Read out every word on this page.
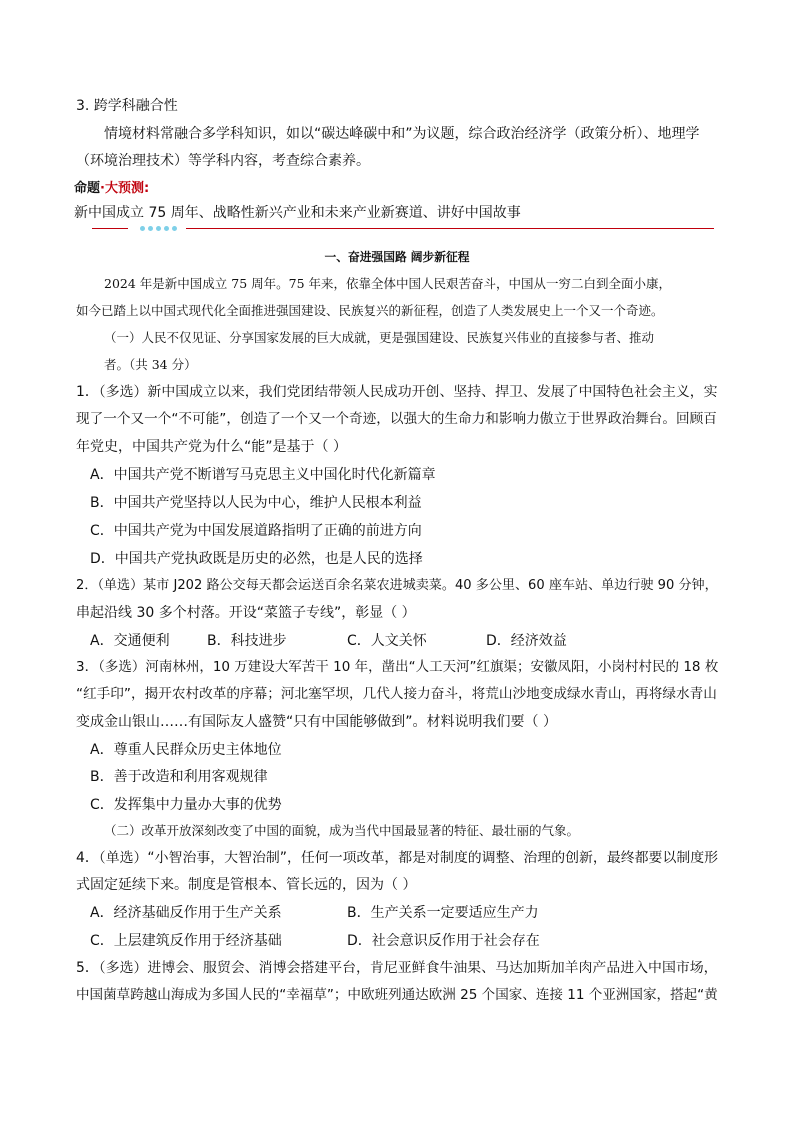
3. 跨学科融合性
情境材料常融合多学科知识，如以“碳达峰碳中和”为议题，综合政治经济学（政策分析）、地理学
（环境治理技术）等学科内容，考查综合素养。
命题·大预测:
新中国成立 75 周年、战略性新兴产业和未来产业新赛道、讲好中国故事
一、奋进强国路 阔步新征程
2024 年是新中国成立 75 周年。75 年来，依靠全体中国人民艰苦奋斗，中国从一穷二白到全面小康，
如今已踏上以中国式现代化全面推进强国建设、民族复兴的新征程，创造了人类发展史上一个又一个奇迹。
（一）人民不仅见证、分享国家发展的巨大成就，更是强国建设、民族复兴伟业的直接参与者、推动
者。（共 34 分）
1．（多选）新中国成立以来，我们党团结带领人民成功开创、坚持、捍卫、发展了中国特色社会主义，实
现了一个又一个“不可能”，创造了一个又一个奇迹，以强大的生命力和影响力傲立于世界政治舞台。回顾百
年党史，中国共产党为什么“能”是基于（ ）
A．中国共产党不断谱写马克思主义中国化时代化新篇章
B．中国共产党坚持以人民为中心，维护人民根本利益
C．中国共产党为中国发展道路指明了正确的前进方向
D．中国共产党执政既是历史的必然，也是人民的选择
2．（单选）某市 J202 路公交每天都会运送百余名菜农进城卖菜。40 多公里、60 座车站、单边行驶 90 分钟，
串起沿线 30 多个村落。开设“菜篮子专线”，彰显（ ）
A．交通便利	B．科技进步	C．人文关怀	D．经济效益
3．（多选）河南林州，10 万建设大军苦干 10 年，凿出“人工天河”红旗渠；安徽凤阳，小岗村村民的 18 枚
“红手印”，揭开农村改革的序幕；河北塞罕坝，几代人接力奋斗，将荒山沙地变成绿水青山，再将绿水青山
变成金山银山……有国际友人盛赞“只有中国能够做到”。材料说明我们要（ ）
A．尊重人民群众历史主体地位
B．善于改造和利用客观规律
C．发挥集中力量办大事的优势
（二）改革开放深刻改变了中国的面貌，成为当代中国最显著的特征、最壮丽的气象。
4．（单选）“小智治事，大智治制”，任何一项改革，都是对制度的调整、治理的创新，最终都要以制度形
式固定延续下来。制度是管根本、管长远的，因为（ ）
A．经济基础反作用于生产关系	B．生产关系一定要适应生产力
C．上层建筑反作用于经济基础	D．社会意识反作用于社会存在
5．（多选）进博会、服贸会、消博会搭建平台，肯尼亚鲜食牛油果、马达加斯加羊肉产品进入中国市场，
中国菌草跨越山海成为多国人民的“幸福草”；中欧班列通达欧洲 25 个国家、连接 11 个亚洲国家，搭起“黄
